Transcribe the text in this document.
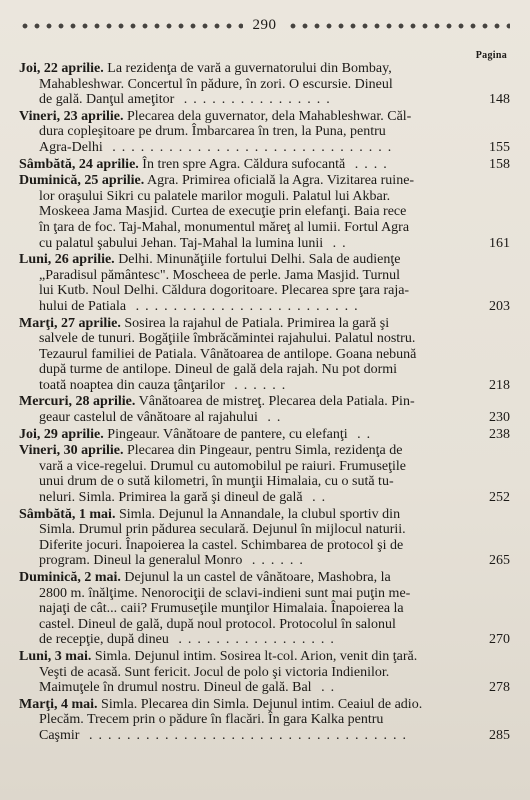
290
Pagina
Joi, 22 aprilie. La rezidenţa de vară a guvernatorului din Bombay,
Mahableshwar. Concertul în pădure, în zori. O escursie. Dineul
de gală. Danţul ameţitor ................	148
Vineri, 23 aprilie. Plecarea dela guvernator, dela Mahableshwar. Căl-
dura copleşitoare pe drum. Îmbarcarea în tren, la Puna, pentru
Agra-Delhi ..............................	155
Sâmbătă, 24 aprilie. În tren spre Agra. Căldura sufocantă ....	158
Duminică, 25 aprilie. Agra. Primirea oficială la Agra. Vizitarea ruine-
lor oraşului Sikri cu palatele marilor moguli. Palatul lui Akbar.
Moskeea Jama Masjid. Curtea de execuţie prin elefanţi. Baia rece
în ţara de foc. Taj-Mahal, monumentul măreţ al lumii. Fortul Agra
cu palatul şabului Jehan. Taj-Mahal la lumina lunii ..	161
Luni, 26 aprilie. Delhi. Minunăţiile fortului Delhi. Sala de audienţe
„Paradisul pământesc". Moscheea de perle. Jama Masjid. Turnul
lui Kutb. Noul Delhi. Căldura dogoritoare. Plecarea spre ţara raja-
hului de Patiala ........................	203
Marţi, 27 aprilie. Sosirea la rajahul de Patiala. Primirea la gară şi
salvele de tunuri. Bogăţiile îmbrăcămintei rajahului. Palatul nostru.
Tezaurul familiei de Patiala. Vânătoarea de antilope. Goana nebună
după turme de antilope. Dineul de gală dela rajah. Nu pot dormi
toată noaptea din cauza ţânţarilor ......	218
Mercuri, 28 aprilie. Vânătoarea de mistreţ. Plecarea dela Patiala. Pin-
geaur castelul de vânătoare al rajahului ..	230
Joi, 29 aprilie. Pingeaur. Vânătoare de pantere, cu elefanţi ..	238
Vineri, 30 aprilie. Plecarea din Pingeaur, pentru Simla, rezidenţa de
vară a vice-regelui. Drumul cu automobilul pe raiuri. Frumuseţile
unui drum de o sută kilometri, în munţii Himalaia, cu o sută tu-
neluri. Simla. Primirea la gară şi dineul de gală ..	252
Sâmbătă, 1 mai. Simla. Dejunul la Annandale, la clubul sportiv din
Simla. Drumul prin pădurea seculară. Dejunul în mijlocul naturii.
Diferite jocuri. Înapoierea la castel. Schimbarea de protocol şi de
program. Dineul la generalul Monro ......	265
Duminică, 2 mai. Dejunul la un castel de vânătoare, Mashobra, la
2800 m. înălţime. Nenorociţii de sclavi-indieni sunt mai puţin me-
najaţi de cât... caii? Frumuseţile munţilor Himalaia. Înapoierea la
castel. Dineul de gală, după noul protocol. Protocolul în salonul
de recepţie, după dineu .................	270
Luni, 3 mai. Simla. Dejunul intim. Sosirea lt-col. Arion, venit din ţară.
Veşti de acasă. Sunt fericit. Jocul de polo şi victoria Indienilor.
Maimuţele în drumul nostru. Dineul de gală. Bal ..	278
Marţi, 4 mai. Simla. Plecarea din Simla. Dejunul intim. Ceaiul de adio.
Plecăm. Trecem prin o pădure în flacări. În gara Kalka pentru
Caşmir ..................................	285
